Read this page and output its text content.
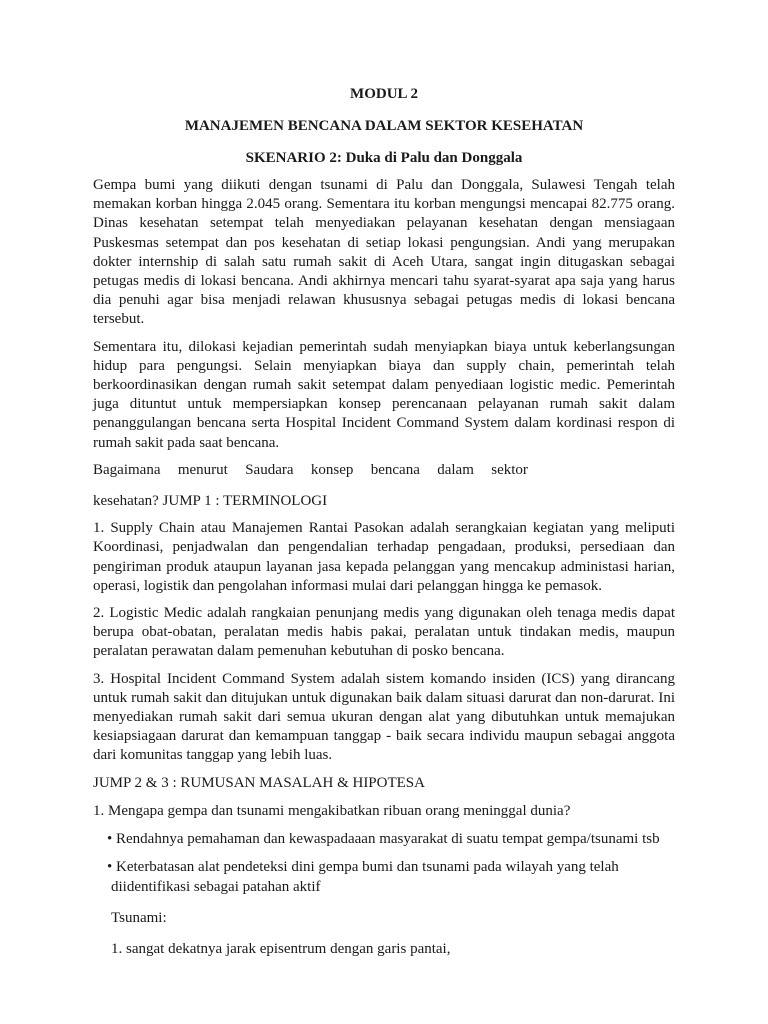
MODUL 2
MANAJEMEN BENCANA DALAM SEKTOR KESEHATAN
SKENARIO 2: Duka di Palu dan Donggala

Gempa bumi yang diikuti dengan tsunami di Palu dan Donggala, Sulawesi Tengah telah memakan korban hingga 2.045 orang. Sementara itu korban mengungsi mencapai 82.775 orang. Dinas kesehatan setempat telah menyediakan pelayanan kesehatan dengan mensiagaan Puskesmas setempat dan pos kesehatan di setiap lokasi pengungsian. Andi yang merupakan dokter internship di salah satu rumah sakit di Aceh Utara, sangat ingin ditugaskan sebagai petugas medis di lokasi bencana. Andi akhirnya mencari tahu syarat-syarat apa saja yang harus dia penuhi agar bisa menjadi relawan khususnya sebagai petugas medis di lokasi bencana tersebut.

Sementara itu, dilokasi kejadian pemerintah sudah menyiapkan biaya untuk keberlangsungan hidup para pengungsi. Selain menyiapkan biaya dan supply chain, pemerintah telah berkoordinasikan dengan rumah sakit setempat dalam penyediaan logistic medic. Pemerintah juga dituntut untuk mempersiapkan konsep perencanaan pelayanan rumah sakit dalam penanggulangan bencana serta Hospital Incident Command System dalam kordinasi respon di rumah sakit pada saat bencana.

Bagaimana menurut Saudara konsep bencana dalam sektor

kesehatan? JUMP 1 : TERMINOLOGI

1. Supply Chain atau Manajemen Rantai Pasokan adalah serangkaian kegiatan yang meliputi Koordinasi, penjadwalan dan pengendalian terhadap pengadaan, produksi, persediaan dan pengiriman produk ataupun layanan jasa kepada pelanggan yang mencakup administasi harian, operasi, logistik dan pengolahan informasi mulai dari pelanggan hingga ke pemasok.

2. Logistic Medic adalah rangkaian penunjang medis yang digunakan oleh tenaga medis dapat berupa obat-obatan, peralatan medis habis pakai, peralatan untuk tindakan medis, maupun peralatan perawatan dalam pemenuhan kebutuhan di posko bencana.

3. Hospital Incident Command System adalah sistem komando insiden (ICS) yang dirancang untuk rumah sakit dan ditujukan untuk digunakan baik dalam situasi darurat dan non-darurat. Ini menyediakan rumah sakit dari semua ukuran dengan alat yang dibutuhkan untuk memajukan kesiapsiagaan darurat dan kemampuan tanggap - baik secara individu maupun sebagai anggota dari komunitas tanggap yang lebih luas.

JUMP 2 & 3 : RUMUSAN MASALAH & HIPOTESA

1. Mengapa gempa dan tsunami mengakibatkan ribuan orang meninggal dunia?

• Rendahnya pemahaman dan kewaspadaaan masyarakat di suatu tempat gempa/tsunami tsb

• Keterbatasan alat pendeteksi dini gempa bumi dan tsunami pada wilayah yang telah

diidentifikasi sebagai patahan aktif

Tsunami:

1. sangat dekatnya jarak episentrum dengan garis pantai,
